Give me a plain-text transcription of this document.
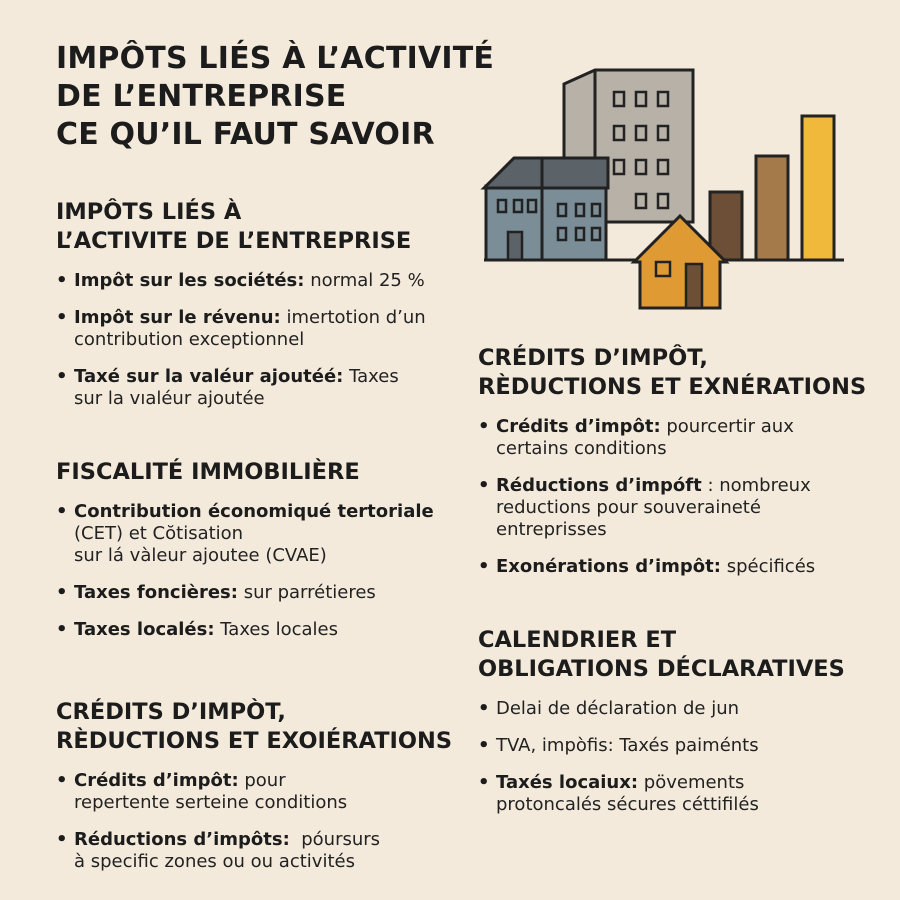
IMPÔTS LIÉS À L’ACTIVITÉ
DE L’ENTREPRISE
CE QU’IL FAUT SAVOIR
IMPÔTS LIÉS À
L’ACTIVITE DE L’ENTREPRISE
• Impôt sur les sociétés: normal 25 %
• Impôt sur le révenu: imertotion d’un
contribution exceptionnel
• Taxé sur la valéur ajoutéé: Taxes
sur la vıaléur ajoutée
FISCALITÉ IMMOBILIÈRE
• Contribution économiqué tertoriale
(CET) et Cŏtisation
sur lá vàleur ajoutee (CVAE)
• Taxes foncières: sur parrétieres
• Taxes localés: Taxes locales
CRÉDITS D’IMPÒT,
RÈDUCTIONS ET EXOIÉRATIONS
• Crédits d’impôt: pour
repertente serteine conditions
• Réductions d’impôts:  póursurs
à specific zones ou ou activités
CRÉDITS D’IMPÔT,
RÈDUCTIONS ET EXNÉRATIONS
• Crédits d’impôt: pourcertir aux
certains conditions
• Réductions d’impóft : nombreux
reductions pour souveraineté
entreprisses
• Exonérations d’impôt: spécificés
CALENDRIER ET
OBLIGATIONS DÉCLARATIVES
• Delai de déclaration de jun
• TVA, impòfis: Taxés paiménts
• Taxés locaiux: pövements
protoncalés sécures céttifilés
